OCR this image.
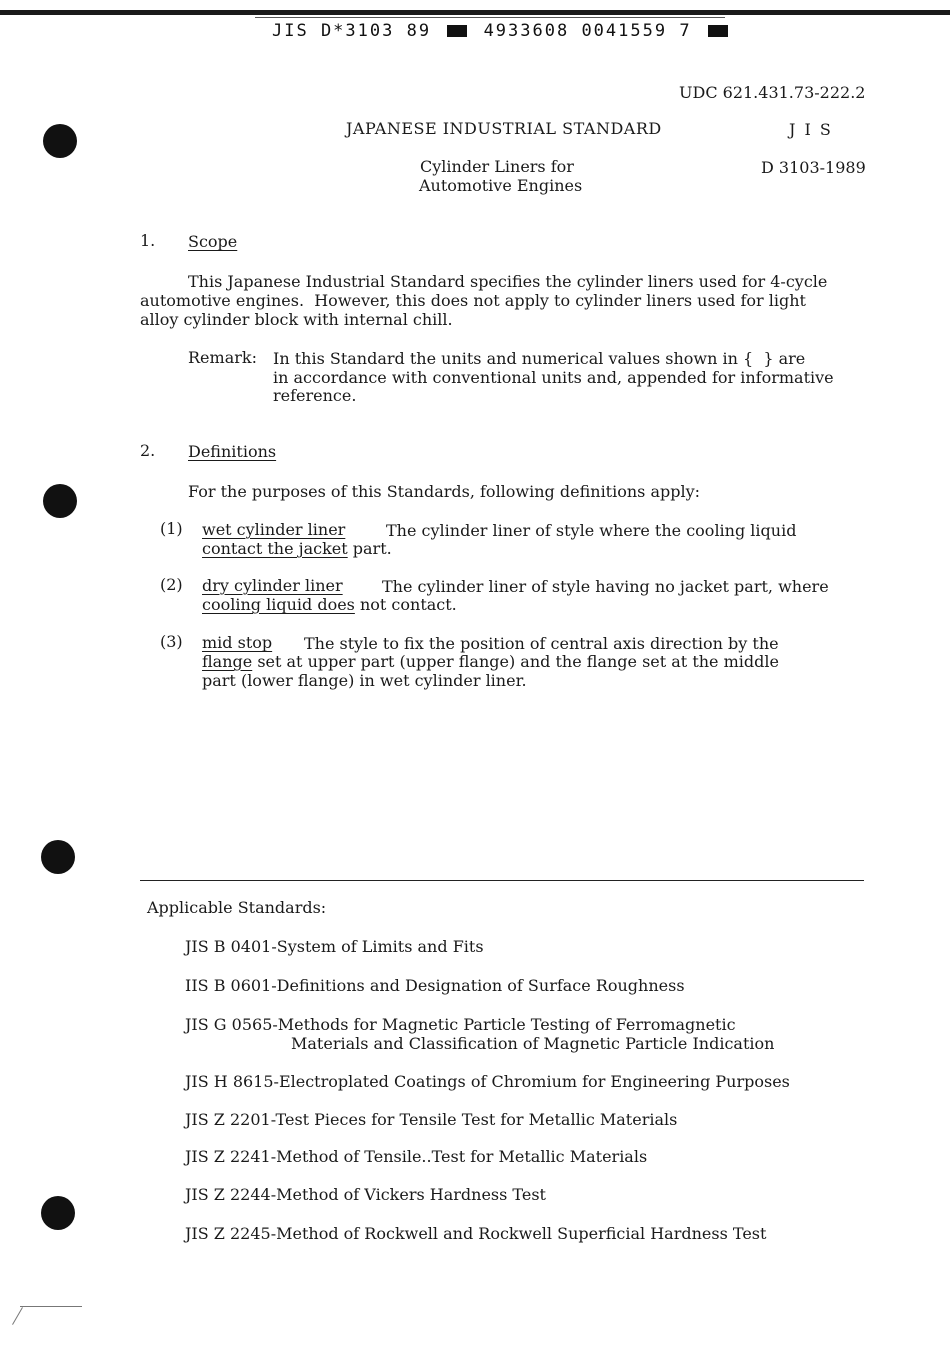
JIS D*3103 89	4933608 0041559 7
UDC 621.431.73-222.2
JAPANESE INDUSTRIAL STANDARD	J I S
Cylinder Liners for
Automotive Engines
D 3103-1989
1. Scope
This Japanese Industrial Standard specifies the cylinder liners used for 4-cycle
automotive engines.  However, this does not apply to cylinder liners used for light
alloy cylinder block with internal chill.
Remark: In this Standard the units and numerical values shown in {  } are
in accordance with conventional units and, appended for informative
reference.
2. Definitions
For the purposes of this Standards, following definitions apply:
(1) wet cylinder liner	The cylinder liner of style where the cooling liquid
contact the jacket part.
(2) dry cylinder liner The cylinder liner of style having no jacket part, where
cooling liquid does not contact.
(3) mid stop The style to fix the position of central axis direction by the
flange set at upper part (upper flange) and the flange set at the middle
part (lower flange) in wet cylinder liner.
Applicable Standards:
JIS B 0401-System of Limits and Fits
IIS B 0601-Definitions and Designation of Surface Roughness
JIS G 0565-Methods for Magnetic Particle Testing of Ferromagnetic
Materials and Classification of Magnetic Particle Indication
JIS H 8615-Electroplated Coatings of Chromium for Engineering Purposes
JIS Z 2201-Test Pieces for Tensile Test for Metallic Materials
JIS Z 2241-Method of Tensile..Test for Metallic Materials
JIS Z 2244-Method of Vickers Hardness Test
JIS Z 2245-Method of Rockwell and Rockwell Superficial Hardness Test
